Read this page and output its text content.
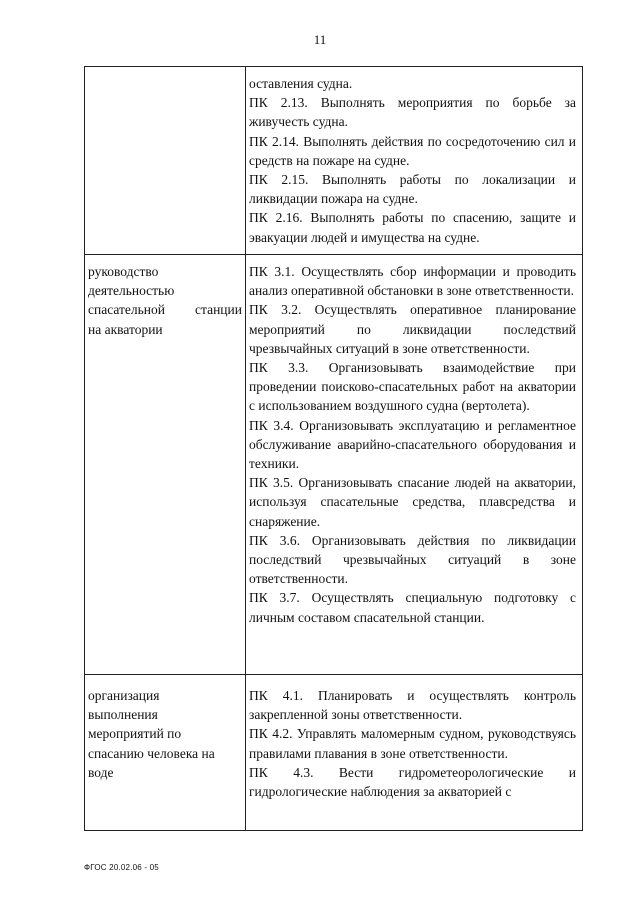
11

оставления судна.

ПК 2.13. Выполнять мероприятия по борьбе за живучесть судна.

ПК 2.14. Выполнять действия по сосредоточению сил и средств на пожаре на судне.

ПК 2.15. Выполнять работы по локализации и ликвидации пожара на судне.

ПК 2.16. Выполнять работы по спасению, защите и эвакуации людей и имущества на судне.

руководство
деятельностью
спасательной станции
на акватории

ПК 3.1. Осуществлять сбор информации и проводить анализ оперативной обстановки в зоне ответственности.

ПК 3.2. Осуществлять оперативное планирование мероприятий по ликвидации последствий чрезвычайных ситуаций в зоне ответственности.

ПК 3.3. Организовывать взаимодействие при проведении поисково-спасательных работ на акватории с использованием воздушного судна (вертолета).

ПК 3.4. Организовывать эксплуатацию и регламентное обслуживание аварийно-спасательного оборудования и техники.

ПК 3.5. Организовывать спасание людей на акватории, используя спасательные средства, плавсредства и снаряжение.

ПК 3.6. Организовывать действия по ликвидации последствий чрезвычайных ситуаций в зоне ответственности.

ПК 3.7. Осуществлять специальную подготовку с личным составом спасательной станции.

организация
выполнения
мероприятий по
спасанию человека на
воде

ПК 4.1. Планировать и осуществлять контроль закрепленной зоны ответственности.

ПК 4.2. Управлять маломерным судном, руководствуясь правилами плавания в зоне ответственности.

ПК 4.3. Вести гидрометеорологические и гидрологические наблюдения за акваторией с

ФГОС 20.02.06 - 05
